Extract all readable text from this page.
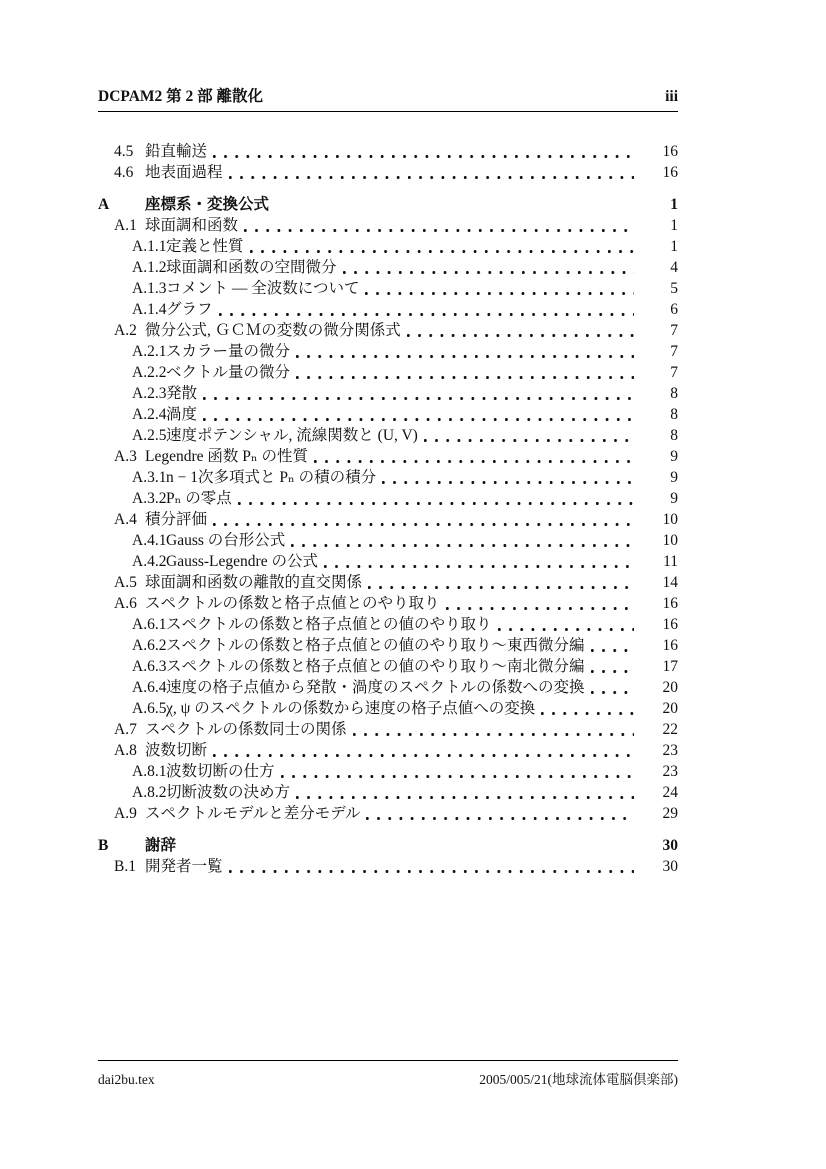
DCPAM2 第 2 部 離散化	iii
4.5 鉛直輸送	16
4.6 地表面過程	16
A	座標系・変換公式	1
A.1 球面調和函数	1
A.1.1 定義と性質	1
A.1.2 球面調和函数の空間微分	4
A.1.3 コメント — 全波数について	5
A.1.4 グラフ	6
A.2 微分公式, ＧＣＭの変数の微分関係式	7
A.2.1 スカラー量の微分	7
A.2.2 ベクトル量の微分	7
A.2.3 発散	8
A.2.4 渦度	8
A.2.5 速度ポテンシャル, 流線関数と (U, V)	8
A.3 Legendre 函数 Pₙ の性質	9
A.3.1 n − 1次多項式と Pₙ の積の積分	9
A.3.2 Pₙ の零点	9
A.4 積分評価	10
A.4.1 Gauss の台形公式	10
A.4.2 Gauss-Legendre の公式	11
A.5 球面調和函数の離散的直交関係	14
A.6 スペクトルの係数と格子点値とのやり取り	16
A.6.1 スペクトルの係数と格子点値との値のやり取り	16
A.6.2 スペクトルの係数と格子点値との値のやり取り〜東西微分編	16
A.6.3 スペクトルの係数と格子点値との値のやり取り〜南北微分編	17
A.6.4 速度の格子点値から発散・渦度のスペクトルの係数への変換	20
A.6.5 χ, ψ のスペクトルの係数から速度の格子点値への変換	20
A.7 スペクトルの係数同士の関係	22
A.8 波数切断	23
A.8.1 波数切断の仕方	23
A.8.2 切断波数の決め方	24
A.9 スペクトルモデルと差分モデル	29
B	謝辞	30
B.1 開発者一覧	30
dai2bu.tex	2005/005/21(地球流体電脳倶楽部)
